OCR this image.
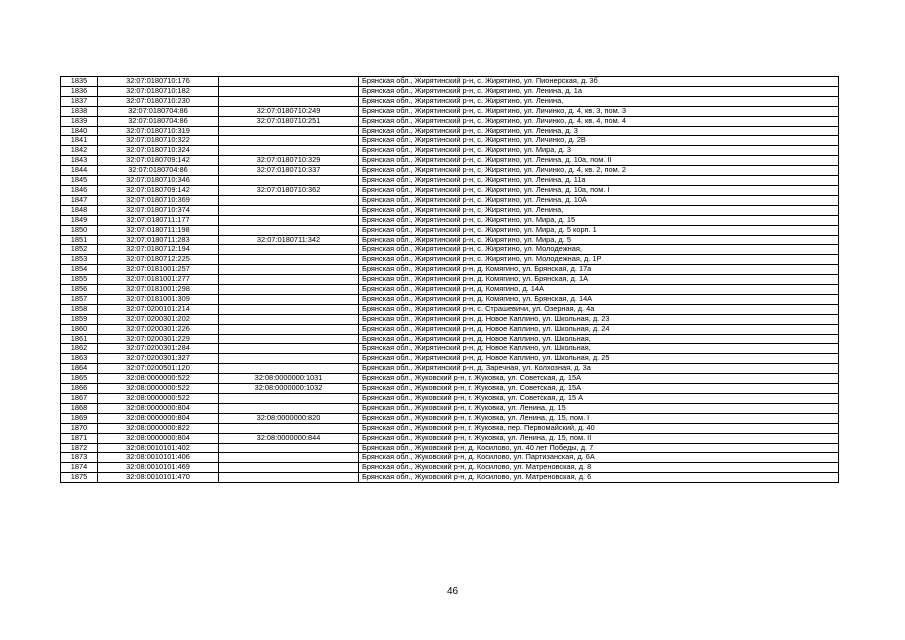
1835	32:07:0180710:176		Брянская обл., Жирятинский р-н, с. Жирятино, ул. Пионерская, д. 3б
1836	32:07:0180710:182		Брянская обл., Жирятинский р-н, с. Жирятино, ул. Ленина, д. 1а
1837	32:07:0180710:230		Брянская обл., Жирятинский р-н, с. Жирятино, ул. Ленина,
1838	32:07:0180704:86	32:07:0180710:249	Брянская обл., Жирятинский р-н, с. Жирятино, ул. Личинко, д. 4, кв. 3, пом. 3
1839	32:07:0180704:86	32:07:0180710:251	Брянская обл., Жирятинский р-н, с. Жирятино, ул. Личинко, д. 4, кв. 4, пом. 4
1840	32:07:0180710:319		Брянская обл., Жирятинский р-н, с. Жирятино, ул. Ленина, д. 3
1841	32:07:0180710:322		Брянская обл., Жирятинский р-н, с. Жирятино, ул. Личинко, д. 2В
1842	32:07:0180710:324		Брянская обл., Жирятинский р-н, с. Жирятино, ул. Мира, д. 3
1843	32:07:0180709:142	32:07:0180710:329	Брянская обл., Жирятинский р-н, с. Жирятино, ул. Ленина, д. 10а, пом. II
1844	32:07:0180704:86	32:07:0180710:337	Брянская обл., Жирятинский р-н, с. Жирятино, ул. Личинко, д. 4, кв. 2, пом. 2
1845	32:07:0180710:346		Брянская обл., Жирятинский р-н, с. Жирятино, ул. Ленина, д. 11а
1846	32:07:0180709:142	32:07:0180710:362	Брянская обл., Жирятинский р-н, с. Жирятино, ул. Ленина, д. 10а, пом. I
1847	32:07:0180710:369		Брянская обл., Жирятинский р-н, с. Жирятино, ул. Ленина, д. 10А
1848	32:07:0180710:374		Брянская обл., Жирятинский р-н, с. Жирятино, ул. Ленина,
1849	32:07:0180711:177		Брянская обл., Жирятинский р-н, с. Жирятино, ул. Мира, д. 15
1850	32:07:0180711:198		Брянская обл., Жирятинский р-н, с. Жирятино, ул. Мира, д. 5 корп. 1
1851	32:07:0180711:283	32:07:0180711:342	Брянская обл., Жирятинский р-н, с. Жирятино, ул. Мира, д. 5
1852	32:07:0180712:194		Брянская обл., Жирятинский р-н, с. Жирятино, ул. Молодежная,
1853	32:07:0180712:225		Брянская обл., Жирятинский р-н, с. Жирятино, ул. Молодежная, д. 1Р
1854	32:07:0181001:257		Брянская обл., Жирятинский р-н, д. Комягино, ул. Брянская, д. 17а
1855	32:07:0181001:277		Брянская обл., Жирятинский р-н, д. Комягино, ул. Брянская, д. 1А
1856	32:07:0181001:298		Брянская обл., Жирятинский р-н, д. Комягино, д. 14А
1857	32:07:0181001:309		Брянская обл., Жирятинский р-н, д. Комягино, ул. Брянская, д. 14А
1858	32:07:0200101:214		Брянская обл., Жирятинский р-н, с. Страшевичи, ул. Озерная, д. 4а
1859	32:07:0200301:202		Брянская обл., Жирятинский р-н, д. Новое Каплино, ул. Школьная, д. 23
1860	32:07:0200301:226		Брянская обл., Жирятинский р-н, д. Новое Каплино, ул. Школьная, д. 24
1861	32:07:0200301:229		Брянская обл., Жирятинский р-н, д. Новое Каплино, ул. Школьная,
1862	32:07:0200301:284		Брянская обл., Жирятинский р-н, д. Новое Каплино, ул. Школьная,
1863	32:07:0200301:327		Брянская обл., Жирятинский р-н, д. Новое Каплино, ул. Школьная, д. 25
1864	32:07:0200501:120		Брянская обл., Жирятинский р-н, д. Заречная, ул. Колхозная, д. 3а
1865	32:08:0000000:522	32:08:0000000:1031	Брянская обл., Жуковский р-н, г. Жуковка, ул. Советская, д. 15А
1866	32:08:0000000:522	32:08:0000000:1032	Брянская обл., Жуковский р-н, г. Жуковка, ул. Советская, д. 15А
1867	32:08:0000000:522		Брянская обл., Жуковский р-н, г. Жуковка, ул. Советская, д. 15 А
1868	32:08:0000000:804		Брянская обл., Жуковский р-н, г. Жуковка, ул. Ленина, д. 15
1869	32:08:0000000:804	32:08:0000000:820	Брянская обл., Жуковский р-н, г. Жуковка, ул. Ленина, д. 15, пом. I
1870	32:08:0000000:822		Брянская обл., Жуковский р-н, г. Жуковка, пер. Первомайский, д. 40
1871	32:08:0000000:804	32:08:0000000:844	Брянская обл., Жуковский р-н, г. Жуковка, ул. Ленина, д. 15, пом. II
1872	32:08:0010101:402		Брянская обл., Жуковский р-н, д. Косилово, ул. 40 лет Победы, д. 7
1873	32:08:0010101:406		Брянская обл., Жуковский р-н, д. Косилово, ул. Партизанская, д. 6А
1874	32:08:0010101:469		Брянская обл., Жуковский р-н, д. Косилово, ул. Матреновская, д. 8
1875	32:08:0010101:470		Брянская обл., Жуковский р-н, д. Косилово, ул. Матреновская, д. 6
46
